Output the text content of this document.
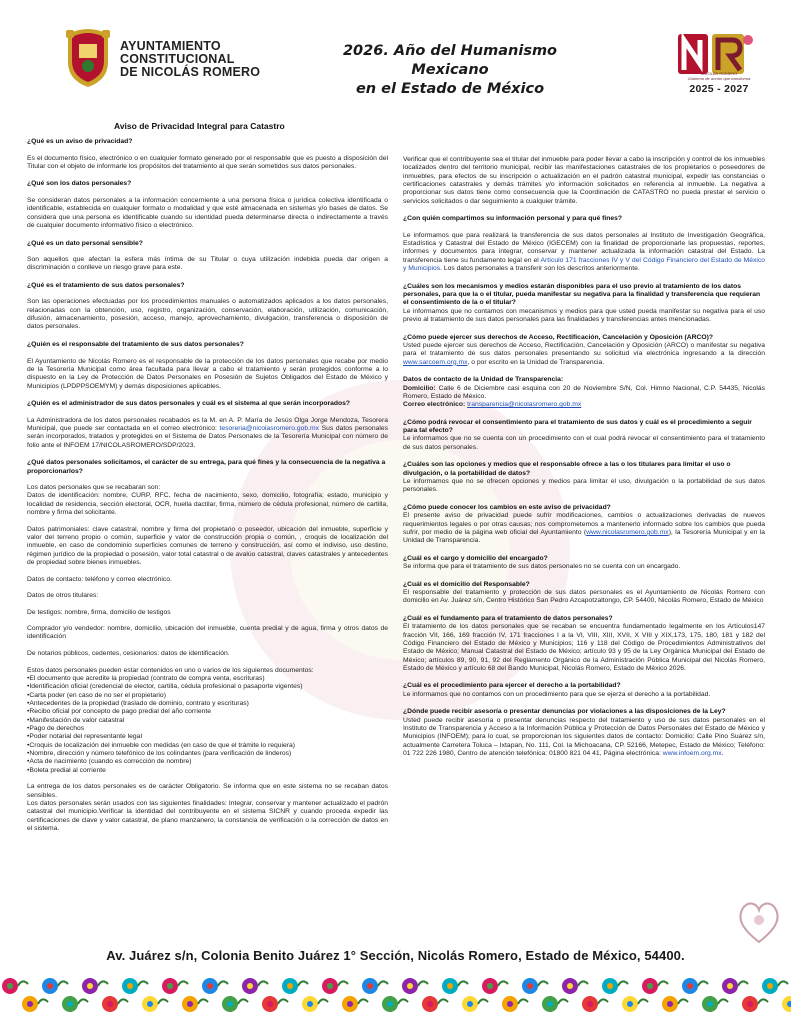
AYUNTAMIENTO
CONSTITUCIONAL
DE NICOLÁS ROMERO
2026. Año del Humanismo Mexicano
en el Estado de México
NICOLÁS ROMERO
Gobierno de acción que transforma
2025 - 2027
Aviso de Privacidad Integral para Catastro
¿Qué es un aviso de privacidad?
Es el documento físico, electrónico o en cualquier formato generado por el responsable que es puesto a disposición del Titular con el objeto de informarle los propósitos del tratamiento al que serán sometidos sus datos personales.
¿Qué son los datos personales?
Se consideran datos personales a la información concerniente a una persona física o jurídica colectiva identificada o identificable, establecida en cualquier formato o modalidad y que esté almacenada en sistemas y/o bases de datos. Se considera que una persona es identificable cuando su identidad pueda determinarse directa o indirectamente a través de cualquier documento informativo físico o electrónico.
¿Qué es un dato personal sensible?
Son aquellos que afectan la esfera más íntima de su Titular o cuya utilización indebida pueda dar origen a discriminación o conlleve un riesgo grave para este.
¿Qué es el tratamiento de sus datos personales?
Son las operaciones efectuadas por los procedimientos manuales o automatizados aplicados a los datos personales, relacionadas con la obtención, uso, registro, organización, conservación, elaboración, utilización, comunicación, difusión, almacenamiento, posesión, acceso, manejo, aprovechamiento, divulgación, transferencia o disposición de datos personales.
¿Quién es el responsable del tratamiento de sus datos personales?
El Ayuntamiento de Nicolás Romero es el responsable de la protección de los datos personales que recabe por medio de la Tesorería Municipal como área facultada para llevar a cabo el tratamiento y serán protegidos conforme a lo dispuesto en la Ley de Protección de Datos Personales en Posesión de Sujetos Obligados del Estado de México y Municipios (LPDPPSOEMYM) y demás disposiciones aplicables.
¿Quién es el administrador de sus datos personales y cuál es el sistema al que serán incorporados?
La Administradora de los datos personales recabados es la M. en A. P. María de Jesús Olga Jorge Mendoza, Tesorera Municipal, que puede ser contactada en el correo electrónico: tesoreria@nicolasromero.gob.mx Sus datos personales serán incorporados, tratados y protegidos en el Sistema de Datos Personales de la Tesorería Municipal con número de folio ante el INFOEM 17/NICOLASROMERO/SDP/2023.
¿Qué datos personales solicitamos, el carácter de su entrega, para qué fines y la consecuencia de la negativa a proporcionarlos?
Los datos personales que se recabaran son:
Datos de identificación: nombre, CURP, RFC, fecha de nacimiento, sexo, domicilio, fotografía; estado, municipio y localidad de residencia, sección electoral, OCR, huella dactilar, firma, número de cédula profesional, número de cartilla, nombre y firma del solicitante.
Datos patrimoniales: clave catastral, nombre y firma del propietario o poseedor, ubicación del inmueble, superficie y valor del terreno propio o común, superficie y valor de construcción propia o común, , croquis de localización del inmueble, en caso de condominio superficies comunes de terreno y construcción, así como el indiviso, uso destino, régimen jurídico de la propiedad o posesión, valor total catastral o de avalúo catastral, claves catastrales y antecedentes de propiedad sobre bienes inmuebles.
Datos de contacto: teléfono y correo electrónico.
Datos de otros titulares:
De testigos: nombre, firma, domicilio de testigos
Comprador y/o vendedor: nombre, domicilio, ubicación del inmueble, cuenta predial y de agua, firma y otros datos de identificación
De notarios públicos, cedentes, cesionarios: datos de identificación.
Estos datos personales pueden estar contenidos en uno o varios de los siguientes documentos:
•El documento que acredite la propiedad (contrato de compra venta, escrituras)
•Identificación oficial (credencial de elector, cartilla, cédula profesional o pasaporte vigentes)
•Carta poder (en caso de no ser el propietario)
•Antecedentes de la propiedad (traslado de dominio, contrato y escrituras)
•Recibo oficial por concepto de pago predial del año corriente
•Manifestación de valor catastral
•Pago de derechos
•Poder notarial del representante legal
•Croquis de localización del inmueble con medidas (en caso de que el trámite lo requiera)
•Nombre, dirección y número telefónico de los colindantes (para verificación de linderos)
•Acta de nacimiento (cuando es corrección de nombre)
•Boleta predial al corriente
La entrega de los datos personales es de carácter Obligatorio. Se informa que en este sistema no se recaban datos sensibles.
Los datos personales serán usados con las siguientes finalidades: Integrar, conservar y mantener actualizado el padrón catastral del municipio.Verificar la identidad del contribuyente en el sistema SICNR y cuando proceda expedir las certificaciones de clave y valor catastral, de plano manzanero; la constancia de verificación o la corrección de datos en el sistema.
Verificar que el contribuyente sea el titular del inmueble para poder llevar a cabo la inscripción y control de los inmuebles localizados dentro del territorio municipal, recibir las manifestaciones catastrales de los propietarios o poseedores de inmuebles, para efectos de su inscripción o actualización en el padrón catastral municipal, expedir las constancias o certificaciones catastrales y demás trámites y/o información solicitados en referencia al inmueble. La negativa a proporcionar sus datos tiene como consecuencia que la Coordinación de CATASTRO no pueda prestar el servicio o servicios solicitados o dar seguimiento a cualquier trámite.
¿Con quién compartimos su información personal y para qué fines?
Le informamos que para realizará la transferencia de sus datos personales al Instituto de Investigación Geográfica, Estadística y Catastral del Estado de México (IGECEM) con la finalidad de proporcionarle las propuestas, reportes, informes y documentos para integrar, conservar y mantener actualizada la información catastral del Estado. La transferencia tiene su fundamento legal en el Artículo 171 fracciones IV y V del Código Financiero del Estado de México y Municipios. Los datos personales a transferir son los descritos anteriormente.
¿Cuáles son los mecanismos y medios estarán disponibles para el uso previo al tratamiento de los datos personales, para que la o el titular, pueda manifestar su negativa para la finalidad y transferencia que requieran el consentimiento de la o el titular?
Le informamos que no contamos con mecanismos y medios para que usted pueda manifestar su negativa para el uso previo al tratamiento de sus datos personales para las finalidades y transferencias antes mencionadas.
¿Cómo puede ejercer sus derechos de Acceso, Rectificación, Cancelación y Oposición (ARCO)?
Usted puede ejercer sus derechos de Acceso, Rectificación, Cancelación y Oposición (ARCO) o manifestar su negativa para el tratamiento de sus datos personales presentando su solicitud vía electrónica ingresando a la dirección www.sarcoem.org.mx, o por escrito en la Unidad de Transparencia.
Datos de contacto de la Unidad de Transparencia:
Domicilio: Calle 6 de Diciembre casi esquina con 20 de Noviembre S/N, Col. Himno Nacional, C.P. 54435, Nicolás Romero, Estado de México.
Correo electrónico: transparencia@nicolasromero.gob.mx
¿Cómo podrá revocar el consentimiento para el tratamiento de sus datos y cuál es el procedimiento a seguir para tal efecto?
Le informamos que no se cuenta con un procedimiento con el cual podrá revocar el consentimiento para el tratamiento de sus datos personales.
¿Cuáles son las opciones y medios que el responsable ofrece a las o los titulares para limitar el uso o divulgación, o la portabilidad de datos?
Le informamos que no se ofrecen opciones y medios para limitar el uso, divulgación o la portabilidad de sus datos personales.
¿Cómo puede conocer los cambios en este aviso de privacidad?
El presente aviso de privacidad puede sufrir modificaciones, cambios o actualizaciones derivadas de nuevos requerimientos legales o por otras causas; nos comprometemos a mantenerlo informado sobre los cambios que pueda sufrir, por medio de la página web oficial del Ayuntamiento (www.nicolasromero.gob.mx), la Tesorería Municipal y en la Unidad de Transparencia.
¿Cuál es el cargo y domicilio del encargado?
Se informa que para el tratamiento de sus datos personales no se cuenta con un encargado.
¿Cuál es el domicilio del Responsable?
El responsable del tratamiento y protección de sus datos personales es el Ayuntamiento de Nicolás Romero con domicilio en Av. Juárez s/n, Centro Histórico San Pedro Azcapotzaltongo, CP. 54400, Nicolás Romero, Estado de México
¿Cuál es el fundamento para el tratamiento de datos personales?
El tratamiento de los datos personales que se recaban se encuentra fundamentado legalmente en los Artículos147 fracción VII, 166, 169 fracción IV, 171 fracciones I a la VI, VIII, XIII, XVII, X VIII y XIX,173, 175, 180, 181 y 182 del Código Financiero del Estado de México y Municipios; 116 y 118 del Código de Procedimientos Administrativos del Estado de México; Manual Catastral del Estado de México; artículo 93 y 95 de la Ley Orgánica Municipal del Estado de México; artículos 89, 90, 91, 92 del Reglamento Orgánico de la Administración Pública Municipal del Nicolás Romero, Estado de México y artículo 68 del Bando Municipal, Nicolás Romero, Estado de México 2026.
¿Cuál es el procedimiento para ejercer el derecho a la portabilidad?
Le informamos que no contamos con un procedimiento para que se ejerza el derecho a la portabilidad.
¿Dónde puede recibir asesoría o presentar denuncias por violaciones a las disposiciones de la Ley?
Usted puede recibir asesoría o presentar denuncias respecto del tratamiento y uso de sus datos personales en el Instituto de Transparencia y Acceso a la Información Pública y Protección de Datos Personales del Estado de México y Municipios (INFOEM); para lo cual, se proporcionan los siguientes datos de contacto: Domicilio: Calle Pino Suárez s/n, actualmente Carretera Toluca – Ixtapan, No. 111, Col. la Michoacana, CP. 52166, Metepec, Estado de México; Teléfono: 01 722 226 1980, Centro de atención telefónica: 01800 821 04 41, Página electrónica: www.infoem.org.mx.
Av. Juárez s/n, Colonia Benito Juárez 1° Sección, Nicolás Romero, Estado de México, 54400.
